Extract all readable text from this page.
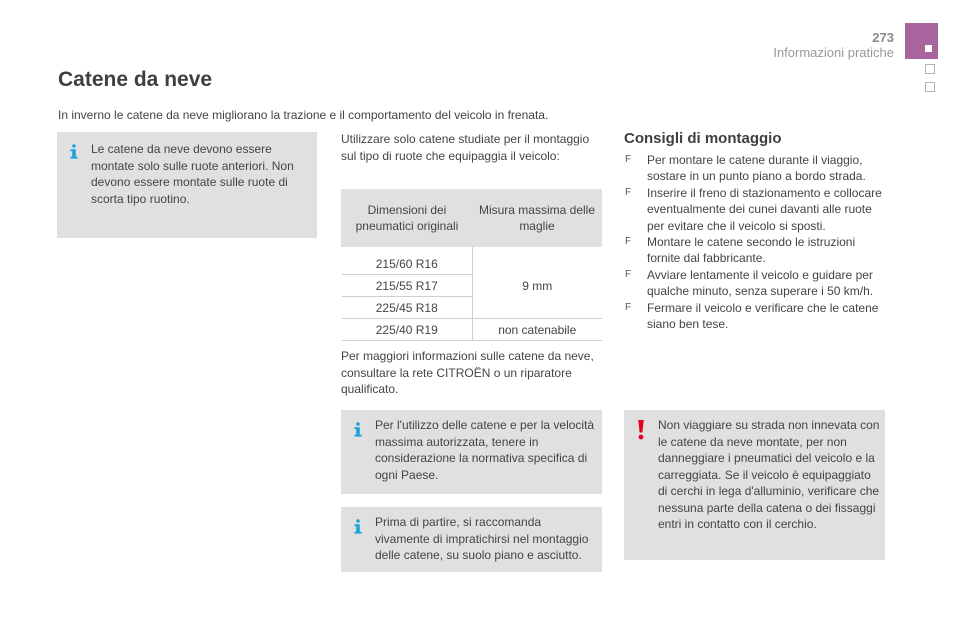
273
Informazioni pratiche
Catene da neve

In inverno le catene da neve migliorano la trazione e il comportamento del veicolo in frenata.

Le catene da neve devono essere montate solo sulle ruote anteriori. Non devono essere montate sulle ruote di scorta tipo ruotino.

Utilizzare solo catene studiate per il montaggio sul tipo di ruote che equipaggia il veicolo:

Dimensioni dei pneumatici originali	Misura massima delle maglie
215/60 R16	9 mm
215/55 R17	
225/45 R18	
225/40 R19	non catenabile

Per maggiori informazioni sulle catene da neve, consultare la rete CITROËN o un riparatore qualificato.

Per l'utilizzo delle catene e per la velocità massima autorizzata, tenere in considerazione la normativa specifica di ogni Paese.

Prima di partire, si raccomanda vivamente di impratichirsi nel montaggio delle catene, su suolo piano e asciutto.

Consigli di montaggio
F Per montare le catene durante il viaggio, sostare in un punto piano a bordo strada.
F Inserire il freno di stazionamento e collocare eventualmente dei cunei davanti alle ruote per evitare che il veicolo si sposti.
F Montare le catene secondo le istruzioni fornite dal fabbricante.
F Avviare lentamente il veicolo e guidare per qualche minuto, senza superare i 50 km/h.
F Fermare il veicolo e verificare che le catene siano ben tese.

Non viaggiare su strada non innevata con le catene da neve montate, per non danneggiare i pneumatici del veicolo e la carreggiata. Se il veicolo è equipaggiato di cerchi in lega d'alluminio, verificare che nessuna parte della catena o dei fissaggi entri in contatto con il cerchio.
